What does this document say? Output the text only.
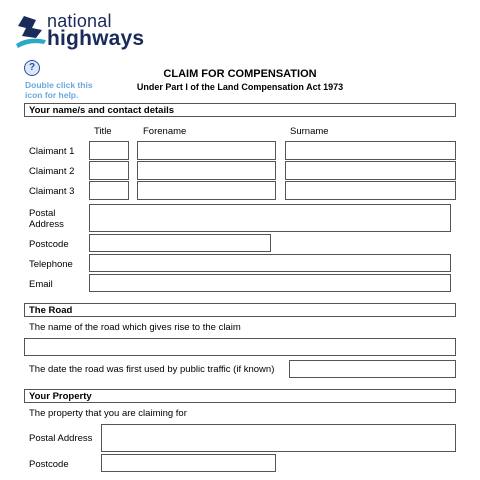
national
highways
?
Double click this icon for help.
CLAIM FOR COMPENSATION
Under Part I of the Land Compensation Act 1973
Your name/s and contact details
Title	Forename	Surname
Claimant 1
Claimant 2
Claimant 3
Postal
Address
Postcode
Telephone
Email
The Road
The name of the road which gives rise to the claim
The date the road was first used by public traffic (if known)
Your Property
The property that you are claiming for
Postal Address
Postcode
